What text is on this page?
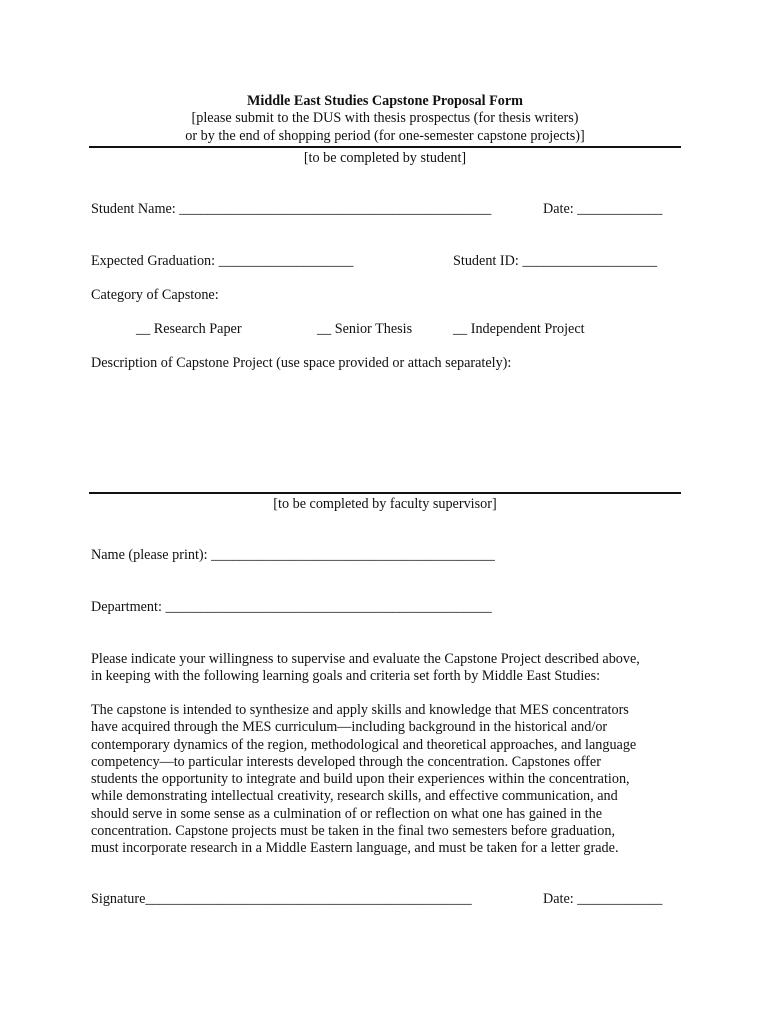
Middle East Studies Capstone Proposal Form
[please submit to the DUS with thesis prospectus (for thesis writers)
or by the end of shopping period (for one-semester capstone projects)]
[to be completed by student]
Student Name: ____________________________________________	Date: ____________
Expected Graduation: ___________________	Student ID: ___________________
Category of Capstone:
__ Research Paper	__ Senior Thesis	__ Independent Project
Description of Capstone Project (use space provided or attach separately):
[to be completed by faculty supervisor]
Name (please print): ________________________________________
Department: ______________________________________________
Please indicate your willingness to supervise and evaluate the Capstone Project described above,
in keeping with the following learning goals and criteria set forth by Middle East Studies:
The capstone is intended to synthesize and apply skills and knowledge that MES concentrators
have acquired through the MES curriculum—including background in the historical and/or
contemporary dynamics of the region, methodological and theoretical approaches, and language
competency—to particular interests developed through the concentration. Capstones offer
students the opportunity to integrate and build upon their experiences within the concentration,
while demonstrating intellectual creativity, research skills, and effective communication, and
should serve in some sense as a culmination of or reflection on what one has gained in the
concentration. Capstone projects must be taken in the final two semesters before graduation,
must incorporate research in a Middle Eastern language, and must be taken for a letter grade.
Signature______________________________________________	Date: ____________
